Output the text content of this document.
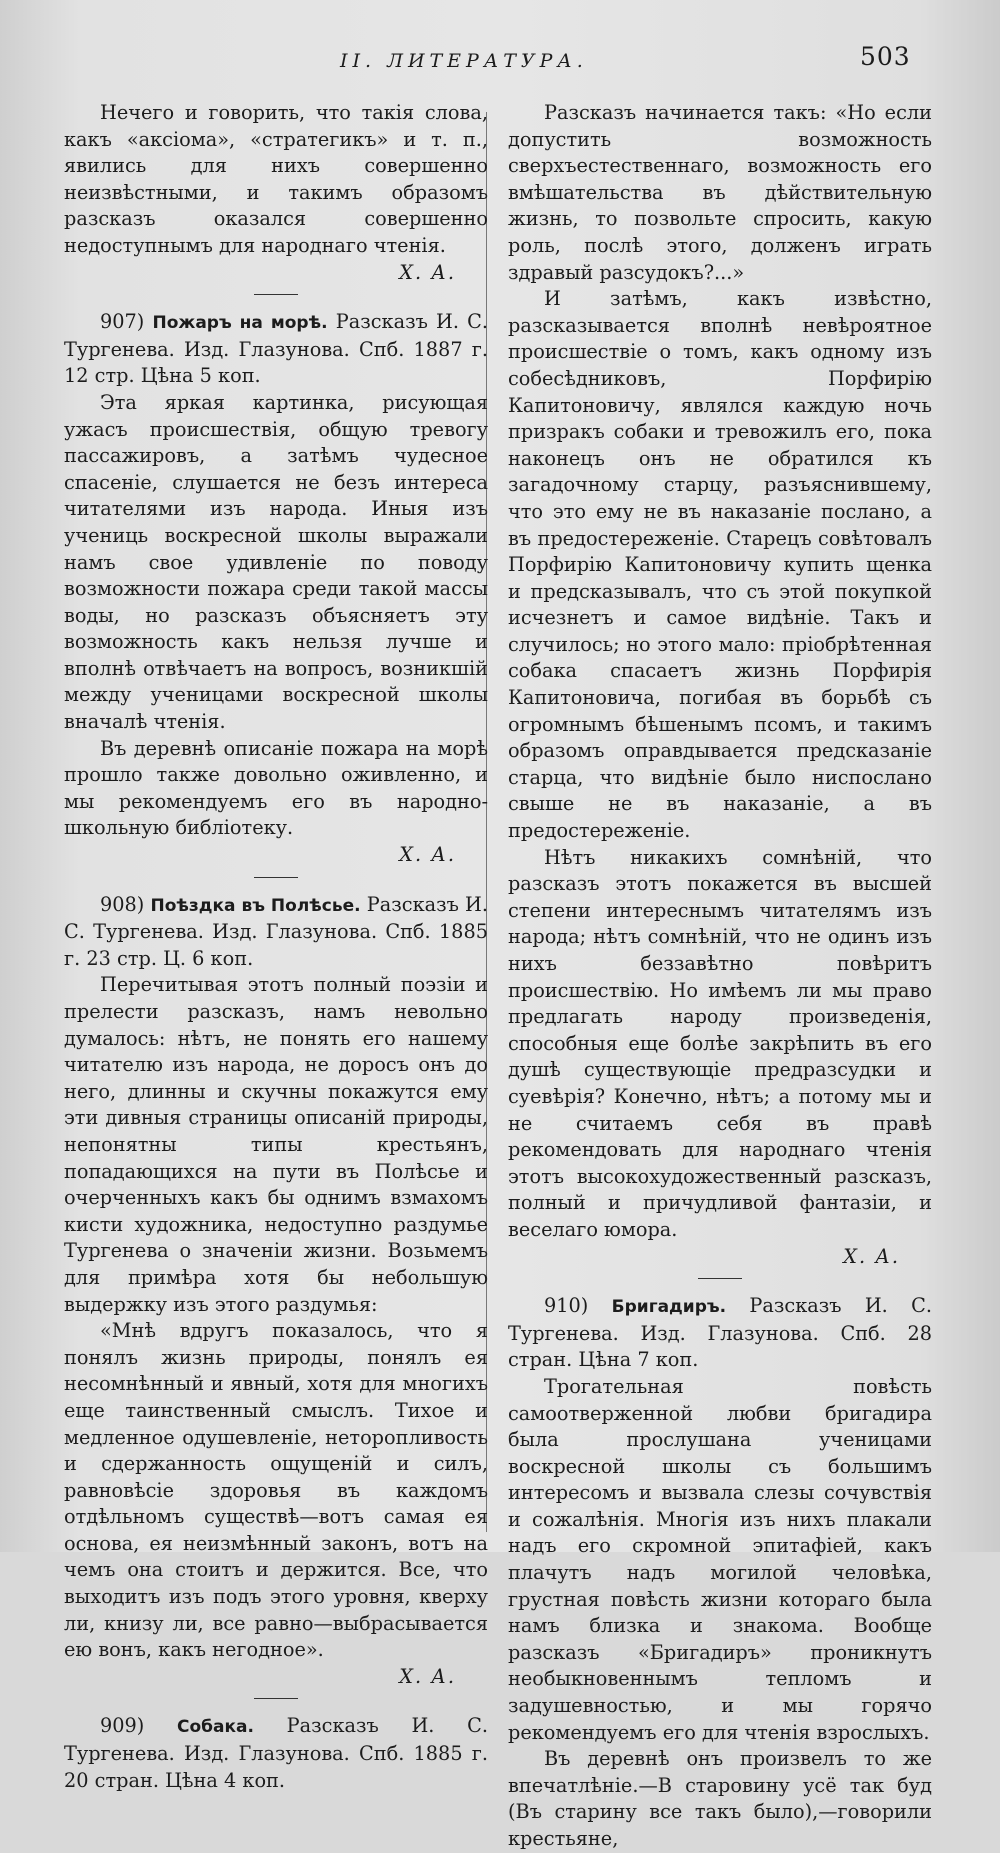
II. ЛИТЕРАТУРА.	503

Нечего и говорить, что такія слова, какъ «аксіома», «стратегикъ» и т. п., явились для нихъ совершенно неизвѣстными, и такимъ образомъ разсказъ оказался совершенно недоступнымъ для народнаго чтенія.

Х. А.

907) Пожаръ на морѣ. Разсказъ И. С. Тургенева. Изд. Глазунова. Спб. 1887 г. 12 стр. Цѣна 5 коп.

Эта яркая картинка, рисующая ужасъ происшествія, общую тревогу пассажировъ, а затѣмъ чудесное спасеніе, слушается не безъ интереса читателями изъ народа. Иныя изъ учениць воскресной школы выражали намъ свое удивленіе по поводу возможности пожара среди такой массы воды, но разсказъ объясняетъ эту возможность какъ нельзя лучше и вполнѣ отвѣчаетъ на вопросъ, возникшій между ученицами воскресной школы вначалѣ чтенія.

Въ деревнѣ описаніе пожара на морѣ прошло также довольно оживленно, и мы рекомендуемъ его въ народно-школьную библіотеку.

Х. А.

908) Поѣздка въ Полѣсье. Разсказъ И. С. Тургенева. Изд. Глазунова. Спб. 1885 г. 23 стр. Ц. 6 коп.

Перечитывая этотъ полный поэзіи и прелести разсказъ, намъ невольно думалось: нѣтъ, не понять его нашему читателю изъ народа, не доросъ онъ до него, длинны и скучны покажутся ему эти дивныя страницы описаній природы, непонятны типы крестьянъ, попадающихся на пути въ Полѣсье и очерченныхъ какъ бы однимъ взмахомъ кисти художника, недоступно раздумье Тургенева о значеніи жизни. Возьмемъ для примѣра хотя бы небольшую выдержку изъ этого раздумья:

«Мнѣ вдругъ показалось, что я понялъ жизнь природы, понялъ ея несомнѣнный и явный, хотя для многихъ еще таинственный смыслъ. Тихое и медленное одушевленіе, неторопливость и сдержанность ощущеній и силъ, равновѣсіе здоровья въ каждомъ отдѣльномъ существѣ—вотъ самая ея основа, ея неизмѣнный законъ, вотъ на чемъ она стоитъ и держится. Все, что выходитъ изъ подъ этого уровня, кверху ли, книзу ли, все равно—выбрасывается ею вонъ, какъ негодное».

Х. А.

909) Собака. Разсказъ И. С. Тургенева. Изд. Глазунова. Спб. 1885 г. 20 стран. Цѣна 4 коп.

Разсказъ начинается такъ: «Но если допустить возможность сверхъестественнаго, возможность его вмѣшательства въ дѣйствительную жизнь, то позвольте спросить, какую роль, послѣ этого, долженъ играть здравый разсудокъ?...»

И затѣмъ, какъ извѣстно, разсказывается вполнѣ невѣроятное происшествіе о томъ, какъ одному изъ собесѣдниковъ, Порфирію Капитоновичу, являлся каждую ночь призракъ собаки и тревожилъ его, пока наконецъ онъ не обратился къ загадочному старцу, разъяснившему, что это ему не въ наказаніе послано, а въ предостереженіе. Старецъ совѣтовалъ Порфирію Капитоновичу купить щенка и предсказывалъ, что съ этой покупкой исчезнетъ и самое видѣніе. Такъ и случилось; но этого мало: пріобрѣтенная собака спасаетъ жизнь Порфирія Капитоновича, погибая въ борьбѣ съ огромнымъ бѣшенымъ псомъ, и такимъ образомъ оправдывается предсказаніе старца, что видѣніе было ниспослано свыше не въ наказаніе, а въ предостереженіе.

Нѣтъ никакихъ сомнѣній, что разсказъ этотъ покажется въ высшей степени интереснымъ читателямъ изъ народа; нѣтъ сомнѣній, что не одинъ изъ нихъ беззавѣтно повѣритъ происшествію. Но имѣемъ ли мы право предлагать народу произведенія, способныя еще болѣе закрѣпить въ его душѣ существующіе предразсудки и суевѣрія? Конечно, нѣтъ; а потому мы и не считаемъ себя въ правѣ рекомендовать для народнаго чтенія этотъ высокохудожественный разсказъ, полный и причудливой фантазіи, и веселаго юмора.

Х. А.

910) Бригадиръ. Разсказъ И. С. Тургенева. Изд. Глазунова. Спб. 28 стран. Цѣна 7 коп.

Трогательная повѣсть самоотверженной любви бригадира была прослушана ученицами воскресной школы съ большимъ интересомъ и вызвала слезы сочувствія и сожалѣнія. Многія изъ нихъ плакали надъ его скромной эпитафіей, какъ плачутъ надъ могилой человѣка, грустная повѣсть жизни котораго была намъ близка и знакома. Вообще разсказъ «Бригадиръ» проникнутъ необыкновеннымъ тепломъ и задушевностью, и мы горячо рекомендуемъ его для чтенія взрослыхъ.

Въ деревнѣ онъ произвелъ то же впечатлѣніе.—В старовину усё так буд (Въ старину все такъ было),—говорили крестьяне,
